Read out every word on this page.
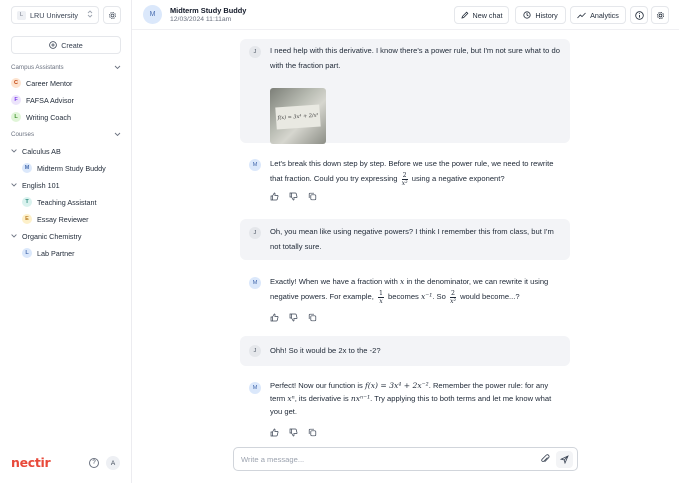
L LRU University
Create
Campus Assistants
C	Career Mentor
F	FAFSA Advisor
L	Writing Coach
Courses
Calculus AB
M	Midterm Study Buddy
English 101
T	Teaching Assistant
E	Essay Reviewer
Organic Chemistry
L	Lab Partner
nectir	?	A
M	Midterm Study Buddy
12/03/2024 11:11am	New chat	History	Analytics
J	I need help with this derivative. I know there's a power rule, but I'm not sure what to do with the fraction part.
f(x) = 3x⁴ + 2/x²
M	Let's break this down step by step. Before we use the power rule, we need to rewrite that fraction. Could you try expressing $\frac{2}{\text{x²}}$ using a negative exponent?
J	Oh, you mean like using negative powers? I think I remember this from class, but I'm not totally sure.
M	Exactly! When we have a fraction with x in the denominator, we can rewrite it using negative powers. For example, $\frac{1}{x}$ becomes x⁻¹. So $\frac{2}{\text{x²}}$ would become...?
J	Ohh! So it would be 2x to the -2?
M	Perfect! Now our function is f(x) = 3x⁴ + 2x⁻². Remember the power rule: for any term xⁿ, its derivative is nxⁿ⁻¹. Try applying this to both terms and let me know what you get.
Write a message...
